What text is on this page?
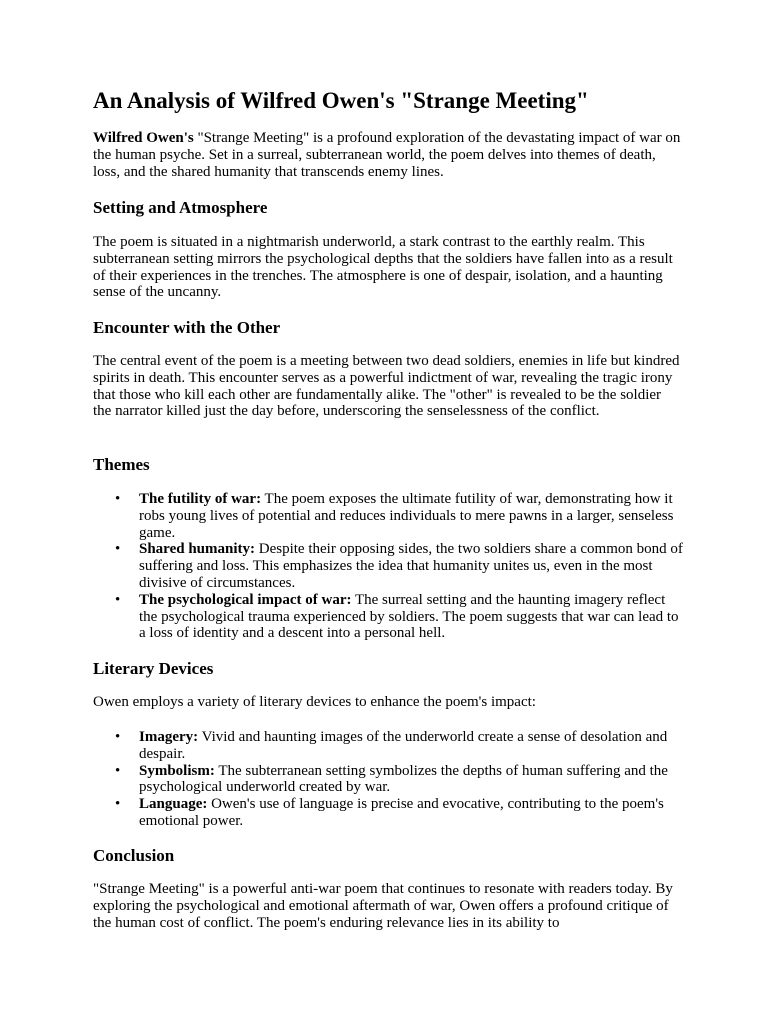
An Analysis of Wilfred Owen's "Strange Meeting"

Wilfred Owen's "Strange Meeting" is a profound exploration of the devastating impact of war on the human psyche. Set in a surreal, subterranean world, the poem delves into themes of death, loss, and the shared humanity that transcends enemy lines.

Setting and Atmosphere

The poem is situated in a nightmarish underworld, a stark contrast to the earthly realm. This subterranean setting mirrors the psychological depths that the soldiers have fallen into as a result of their experiences in the trenches. The atmosphere is one of despair, isolation, and a haunting sense of the uncanny.

Encounter with the Other

The central event of the poem is a meeting between two dead soldiers, enemies in life but kindred spirits in death. This encounter serves as a powerful indictment of war, revealing the tragic irony that those who kill each other are fundamentally alike. The "other" is revealed to be the soldier the narrator killed just the day before, underscoring the senselessness of the conflict.

Themes
• The futility of war: The poem exposes the ultimate futility of war, demonstrating how it robs young lives of potential and reduces individuals to mere pawns in a larger, senseless game.
• Shared humanity: Despite their opposing sides, the two soldiers share a common bond of suffering and loss. This emphasizes the idea that humanity unites us, even in the most divisive of circumstances.
• The psychological impact of war: The surreal setting and the haunting imagery reflect the psychological trauma experienced by soldiers. The poem suggests that war can lead to a loss of identity and a descent into a personal hell.
Literary Devices

Owen employs a variety of literary devices to enhance the poem's impact:

• Imagery: Vivid and haunting images of the underworld create a sense of desolation and despair.
• Symbolism: The subterranean setting symbolizes the depths of human suffering and the psychological underworld created by war.
• Language: Owen's use of language is precise and evocative, contributing to the poem's emotional power.
Conclusion

"Strange Meeting" is a powerful anti-war poem that continues to resonate with readers today. By exploring the psychological and emotional aftermath of war, Owen offers a profound critique of the human cost of conflict. The poem's enduring relevance lies in its ability to
